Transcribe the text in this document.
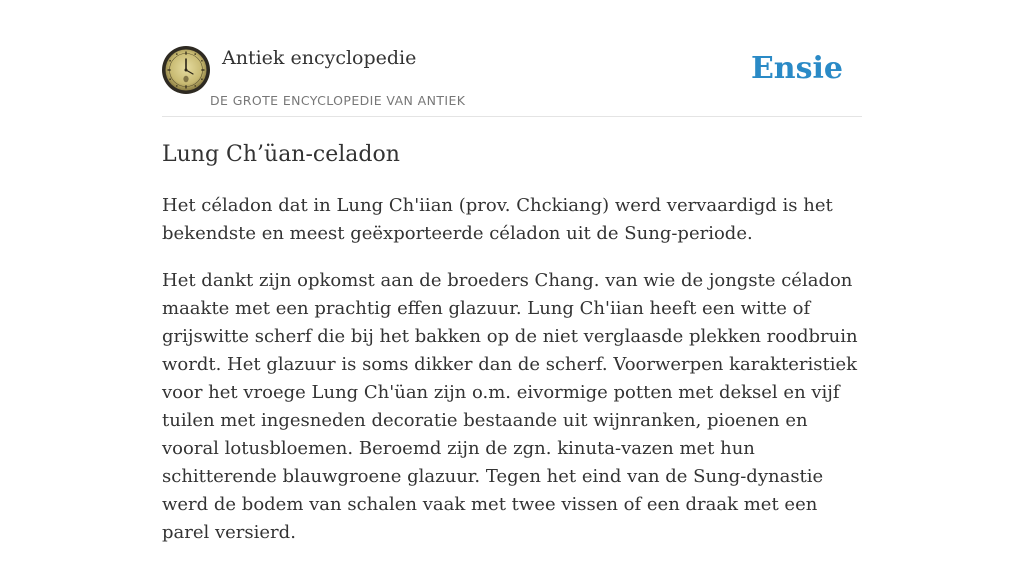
Antiek encyclopedie
DE GROTE ENCYCLOPEDIE VAN ANTIEK
Ensie
Lung Ch’üan-celadon

Het céladon dat in Lung Ch'iian (prov. Chckiang) werd vervaardigd is het bekendste en meest geëxporteerde céladon uit de Sung-periode.

Het dankt zijn opkomst aan de broeders Chang. van wie de jongste céladon maakte met een prachtig effen glazuur. Lung Ch'iian heeft een witte of grijswitte scherf die bij het bakken op de niet verglaasde plekken roodbruin wordt. Het glazuur is soms dikker dan de scherf. Voorwerpen karakteristiek voor het vroege Lung Ch'üan zijn o.m. eivormige potten met deksel en vijf tuilen met ingesneden decoratie bestaande uit wijnranken, pioenen en vooral lotusbloemen. Beroemd zijn de zgn. kinuta-vazen met hun schitterende blauwgroene glazuur. Tegen het eind van de Sung-dynastie werd de bodem van schalen vaak met twee vissen of een draak met een parel versierd.
